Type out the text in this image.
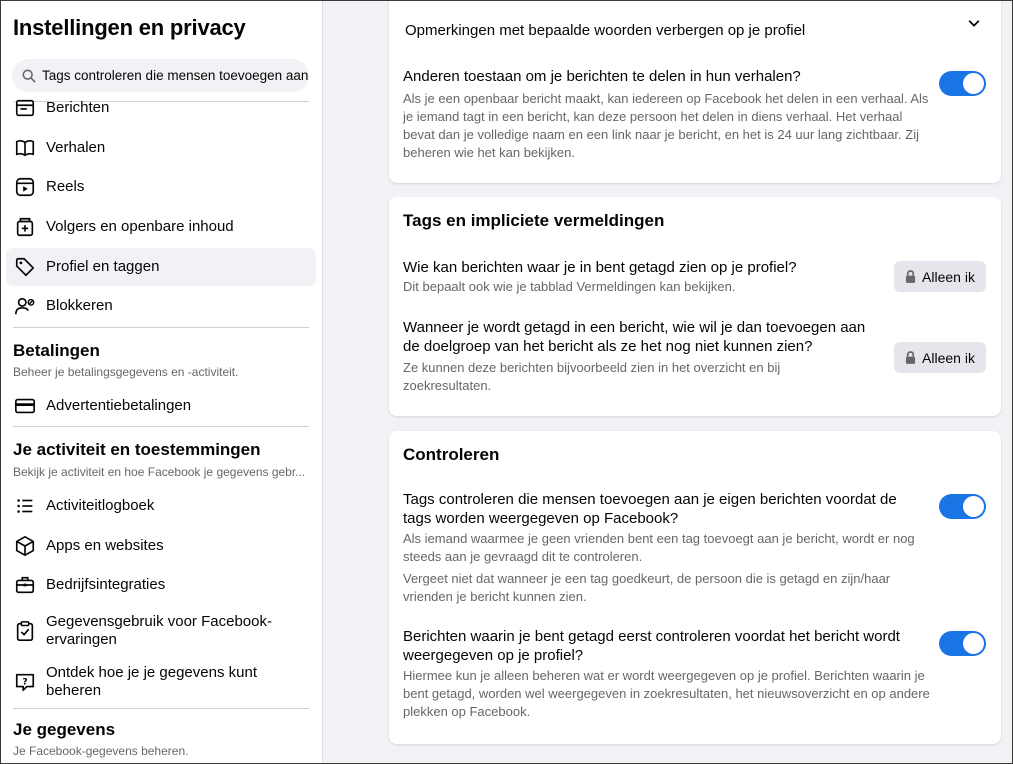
Instellingen en privacy
Tags controleren die mensen toevoegen aan je eigen berichten
Berichten
Verhalen
Reels
Volgers en openbare inhoud
Profiel en taggen
Blokkeren
Betalingen
Beheer je betalingsgegevens en -activiteit.
Advertentiebetalingen
Je activiteit en toestemmingen
Bekijk je activiteit en hoe Facebook je gegevens gebr...
Activiteitlogboek
Apps en websites
Bedrijfsintegraties
Gegevensgebruik voor Facebook-
ervaringen
?
Ontdek hoe je je gegevens kunt
beheren
Je gegevens
Je Facebook-gegevens beheren.
Opmerkingen met bepaalde woorden verbergen op je profiel
Anderen toestaan om je berichten te delen in hun verhalen?
Als je een openbaar bericht maakt, kan iedereen op Facebook het delen in een verhaal. Als je iemand tagt in een bericht, kan deze persoon het delen in diens verhaal. Het verhaal bevat dan je volledige naam en een link naar je bericht, en het is 24 uur lang zichtbaar. Zij beheren wie het kan bekijken.
Tags en impliciete vermeldingen
Wie kan berichten waar je in bent getagd zien op je profiel?
Dit bepaalt ook wie je tabblad Vermeldingen kan bekijken.
Alleen ik
Wanneer je wordt getagd in een bericht, wie wil je dan toevoegen aan de doelgroep van het bericht als ze het nog niet kunnen zien?
Ze kunnen deze berichten bijvoorbeeld zien in het overzicht en bij zoekresultaten.
Alleen ik
Controleren
Tags controleren die mensen toevoegen aan je eigen berichten voordat de tags worden weergegeven op Facebook?
Als iemand waarmee je geen vrienden bent een tag toevoegt aan je bericht, wordt er nog steeds aan je gevraagd dit te controleren.
Vergeet niet dat wanneer je een tag goedkeurt, de persoon die is getagd en zijn/haar vrienden je bericht kunnen zien.
Berichten waarin je bent getagd eerst controleren voordat het bericht wordt weergegeven op je profiel?
Hiermee kun je alleen beheren wat er wordt weergegeven op je profiel. Berichten waarin je bent getagd, worden wel weergegeven in zoekresultaten, het nieuwsoverzicht en op andere plekken op Facebook.
